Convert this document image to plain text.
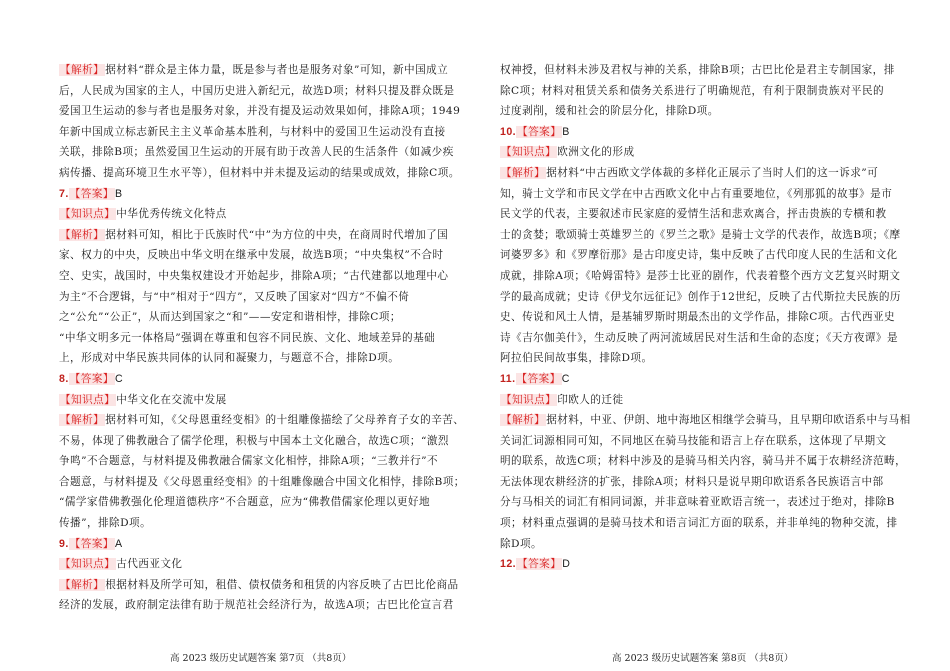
【解析】据材料“群众是主体力量，既是参与者也是服务对象”可知，新中国成立
后，人民成为国家的主人，中国历史进入新纪元，故选D项；材料只提及群众既是
爱国卫生运动的参与者也是服务对象，并没有提及运动效果如何，排除A项；1949
年新中国成立标志新民主主义革命基本胜利，与材料中的爱国卫生运动没有直接
关联，排除B项；虽然爱国卫生运动的开展有助于改善人民的生活条件（如减少疾
病传播、提高环境卫生水平等），但材料中并未提及运动的结果或成效，排除C项。
7.【答案】B
【知识点】中华优秀传统文化特点
【解析】据材料可知，相比于氏族时代“中”为方位的中央，在商周时代增加了国
家、权力的中央，反映出中华文明在继承中发展，故选B项；“中央集权”不合时
空、史实，战国时，中央集权建设才开始起步，排除A项；“古代建都以地理中心
为主”不合逻辑，与“中”相对于“四方”，又反映了国家对“四方”不偏不倚
之“公允”“公正”，从而达到国家之“和”——安定和谐相悖，排除C项；
“中华文明多元一体格局”强调在尊重和包容不同民族、文化、地域差异的基础
上，形成对中华民族共同体的认同和凝聚力，与题意不合，排除D项。
8.【答案】C
【知识点】中华文化在交流中发展
【解析】据材料可知，《父母恩重经变相》的十组雕像描绘了父母养育子女的辛苦、
不易，体现了佛教融合了儒学伦理，积极与中国本土文化融合，故选C项；“激烈
争鸣”不合题意，与材料提及佛教融合儒家文化相悖，排除A项；“三教并行”不
合题意，与材料提及《父母恩重经变相》的十组雕像融合中国文化相悖，排除B项；
“儒学家借佛教强化伦理道德秩序”不合题意，应为“佛教借儒家伦理以更好地
传播”，排除D项。
9.【答案】A
【知识点】古代西亚文化
【解析】根据材料及所学可知，租借、债权债务和租赁的内容反映了古巴比伦商品
经济的发展，政府制定法律有助于规范社会经济行为，故选A项；古巴比伦宣言君
权神授，但材料未涉及君权与神的关系，排除B项；古巴比伦是君主专制国家，排
除C项；材料对租赁关系和债务关系进行了明确规范，有利于限制贵族对平民的
过度剥削，缓和社会的阶层分化，排除D项。
10.【答案】B
【知识点】欧洲文化的形成
【解析】据材料“中古西欧文学体裁的多样化正展示了当时人们的这一诉求”可
知，骑士文学和市民文学在中古西欧文化中占有重要地位，《列那狐的故事》是市
民文学的代表，主要叙述市民家庭的爱情生活和悲欢离合，抨击贵族的专横和教
士的贪婪；歌颂骑士英雄罗兰的《罗兰之歌》是骑士文学的代表作，故选B项；《摩
诃婆罗多》和《罗摩衍那》是古印度史诗，集中反映了古代印度人民的生活和文化
成就，排除A项；《哈姆雷特》是莎士比亚的剧作，代表着整个西方文艺复兴时期文
学的最高成就；史诗《伊戈尔远征记》创作于12世纪，反映了古代斯拉夫民族的历
史、传说和风土人情，是基辅罗斯时期最杰出的文学作品，排除C项。古代西亚史
诗《吉尔伽美什》，生动反映了两河流域居民对生活和生命的态度；《天方夜谭》是
阿拉伯民间故事集，排除D项。
11.【答案】C
【知识点】印欧人的迁徙
【解析】据材料，中亚、伊朗、地中海地区相继学会骑马，且早期印欧语系中与马相
关词汇词源相同可知，不同地区在骑马技能和语言上存在联系，这体现了早期文
明的联系，故选C项；材料中涉及的是骑马相关内容，骑马并不属于农耕经济范畴，
无法体现农耕经济的扩张，排除A项；材料只是说早期印欧语系各民族语言中部
分与马相关的词汇有相同词源，并非意味着亚欧语言统一，表述过于绝对，排除B
项；材料重点强调的是骑马技术和语言词汇方面的联系，并非单纯的物种交流，排
除D项。
12.【答案】D
高 2023 级历史试题答案 第7页 （共8页）	高 2023 级历史试题答案 第8页 （共8页）
